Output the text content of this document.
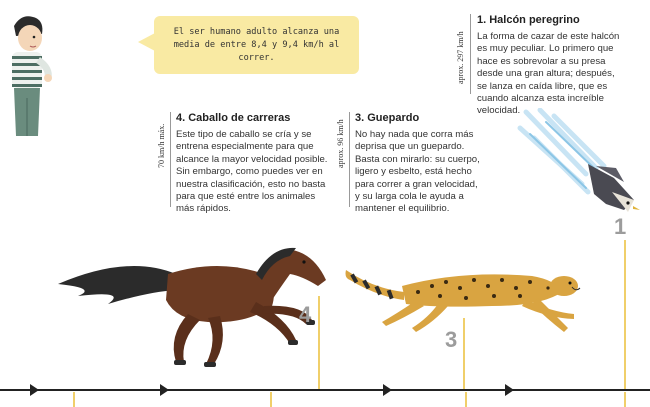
El ser humano adulto alcanza una media de entre 8,4 y 9,4 km/h al correr.	aprox. 297 km/h
1. Halcón peregrino
La forma de cazar de este halcón es muy peculiar. Lo primero que hace es sobrevolar a su presa desde una gran altura; después, se lanza en caída libre, que es cuando alcanza esta increíble velocidad.
70 km/h máx.
4. Caballo de carreras
Este tipo de caballo se cría y se entrena especialmente para que alcance la mayor velocidad posible. Sin embargo, como puedes ver en nuestra clasificación, esto no basta para que esté entre los animales más rápidos.
aprox. 96 km/h
3. Guepardo
No hay nada que corra más deprisa que un guepardo. Basta con mirarlo: su cuerpo, ligero y esbelto, está hecho para correr a gran velocidad, y su larga cola le ayuda a mantener el equilibrio.
1
4
3
